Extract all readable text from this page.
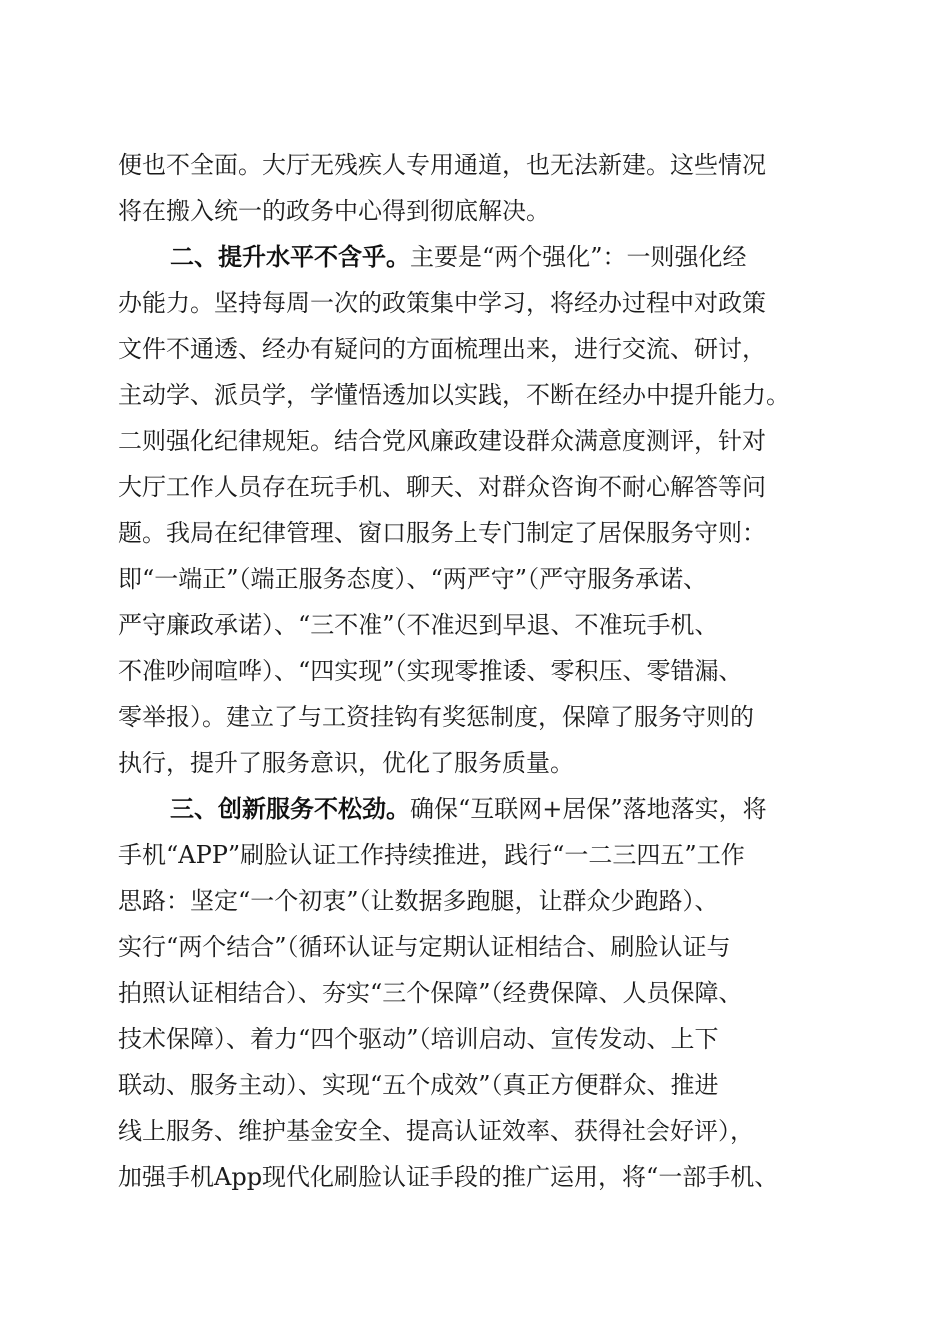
便也不全面。大厅无残疾人专用通道，也无法新建。这些情况
将在搬入统一的政务中心得到彻底解决。
二、提升水平不含乎。主要是“两个强化”：一则强化经
办能力。坚持每周一次的政策集中学习，将经办过程中对政策
文件不通透、经办有疑问的方面梳理出来，进行交流、研讨，
主动学、派员学，学懂悟透加以实践，不断在经办中提升能力。
二则强化纪律规矩。结合党风廉政建设群众满意度测评，针对
大厅工作人员存在玩手机、聊天、对群众咨询不耐心解答等问
题。我局在纪律管理、窗口服务上专门制定了居保服务守则：
即“一端正”（端正服务态度）、“两严守”（严守服务承诺、
严守廉政承诺）、“三不准”（不准迟到早退、不准玩手机、
不准吵闹喧哗）、“四实现”（实现零推诿、零积压、零错漏、
零举报）。建立了与工资挂钩有奖惩制度，保障了服务守则的
执行，提升了服务意识，优化了服务质量。
三、创新服务不松劲。确保“互联网+居保”落地落实，将
手机“APP”刷脸认证工作持续推进，践行“一二三四五”工作
思路：坚定“一个初衷”（让数据多跑腿，让群众少跑路）、
实行“两个结合”（循环认证与定期认证相结合、刷脸认证与
拍照认证相结合）、夯实“三个保障”（经费保障、人员保障、
技术保障）、着力“四个驱动”（培训启动、宣传发动、上下
联动、服务主动）、实现“五个成效”（真正方便群众、推进
线上服务、维护基金安全、提高认证效率、获得社会好评），
加强手机App现代化刷脸认证手段的推广运用，将“一部手机、
